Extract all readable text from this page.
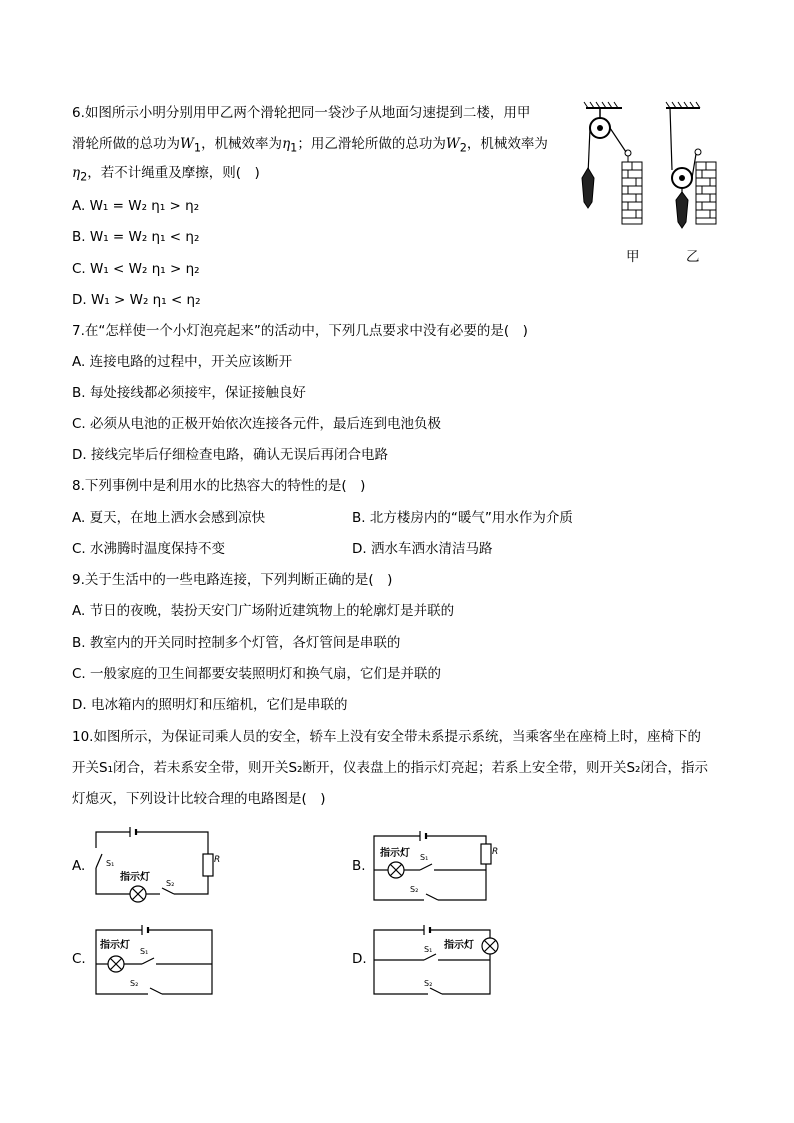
6.如图所示小明分别用甲乙两个滑轮把同一袋沙子从地面匀速提到二楼，用甲
滑轮所做的总功为$W_1$，机械效率为$\eta_1$；用乙滑轮所做的总功为$W_2$，机械效率为
$\eta_2$，若不计绳重及摩擦，则(　)
A. W₁ = W₂ η₁ > η₂
B. W₁ = W₂ η₁ < η₂
C. W₁ < W₂ η₁ > η₂
D. W₁ > W₂ η₁ < η₂
甲	乙
7.在“怎样使一个小灯泡亮起来”的活动中，下列几点要求中没有必要的是(　)
A. 连接电路的过程中，开关应该断开
B. 每处接线都必须接牢，保证接触良好
C. 必须从电池的正极开始依次连接各元件，最后连到电池负极
D. 接线完毕后仔细检查电路，确认无误后再闭合电路
8.下列事例中是利用水的比热容大的特性的是(　)
A. 夏天，在地上洒水会感到凉快	B. 北方楼房内的“暖气”用水作为介质
C. 水沸腾时温度保持不变	D. 洒水车洒水清洁马路
9.关于生活中的一些电路连接，下列判断正确的是(　)
A. 节日的夜晚，装扮天安门广场附近建筑物上的轮廓灯是并联的
B. 教室内的开关同时控制多个灯管，各灯管间是串联的
C. 一般家庭的卫生间都要安装照明灯和换气扇，它们是并联的
D. 电冰箱内的照明灯和压缩机，它们是串联的
10.如图所示，为保证司乘人员的安全，轿车上没有安全带未系提示系统，当乘客坐在座椅上时，座椅下的
开关S₁闭合，若未系安全带，则开关S₂断开，仪表盘上的指示灯亮起；若系上安全带，则开关S₂闭合，指示
灯熄灭，下列设计比较合理的电路图是(　)
A.	B.
C.	D.
S₁
指示灯
S₂
R
指示灯 S₁
S₂
R
指示灯
S₁
S₂
S₁ 指示灯
S₂
